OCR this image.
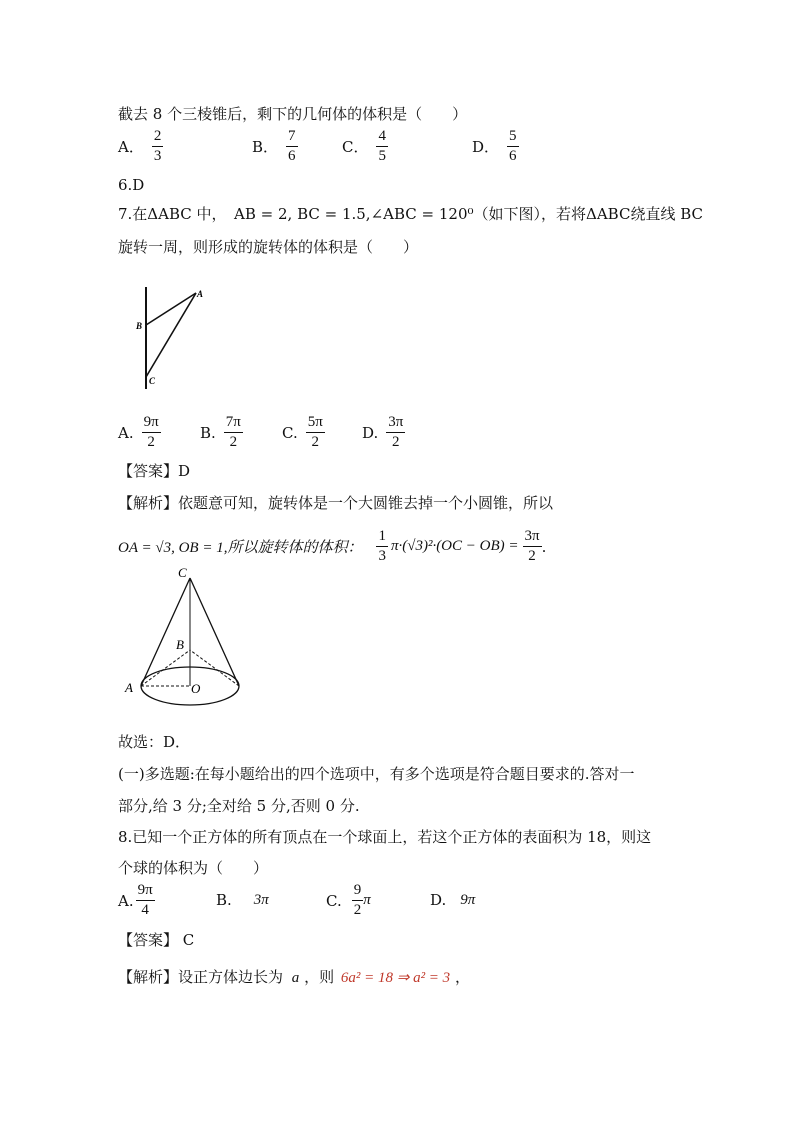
截去 8 个三棱锥后，剩下的几何体的体积是（　　）
A． $\frac{2}{3}$	B． $\frac{7}{6}$	C． $\frac{4}{5}$	D． $\frac{5}{6}$
6.D
7.在ΔABC 中，　AB = 2, BC = 1.5,∠ABC = 120⁰（如下图），若将ΔABC绕直线 BC
旋转一周，则形成的旋转体的体积是（　　）
A
B
C
A. $\frac{9\pi}{2}$	B. $\frac{7\pi}{2}$	C. $\frac{5\pi}{2} D$. $\frac{3\pi}{2}$
【答案】D
【解析】依题意可知，旋转体是一个大圆锥去掉一个小圆锥，所以
OA = √3, OB = 1,所以旋转体的体积： $\frac{1}{3} \pi\cdot(√3)^2\cdot(OC - OB) = \frac{3\pi}{2}$ .
C
B
A	O
故选：D．
(一)多选题:在每小题给出的四个选项中，有多个选项是符合题目要求的.答对一
部分,给 3 分;全对给 5 分,否则 0 分.
8.已知一个正方体的所有顶点在一个球面上，若这个正方体的表面积为 18，则这
个球的体积为（　　）
A. $\frac{9\pi}{4}$	B. 3π	C. $\frac{9}{2}$ π	D. 9π
【答案】 C
【解析】设正方体边长为 a ，则 6a² = 18 ⇒ a² = 3 ，
